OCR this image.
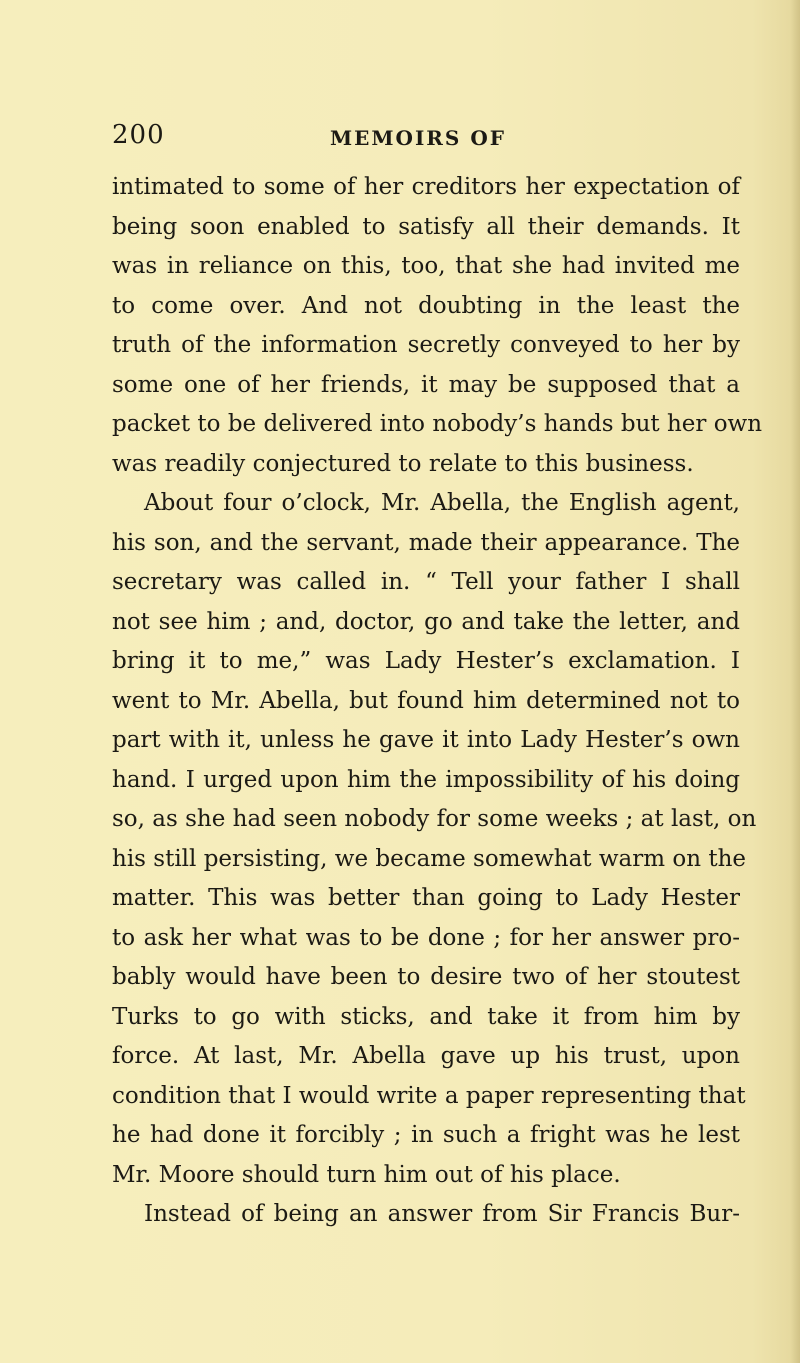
200	MEMOIRS OF
intimated to some of her creditors her expectation of
being soon enabled to satisfy all their demands. It
was in reliance on this, too, that she had invited me
to come over. And not doubting in the least the
truth of the information secretly conveyed to her by
some one of her friends, it may be supposed that a
packet to be delivered into nobody’s hands but her own
was readily conjectured to relate to this business.
About four o’clock, Mr. Abella, the English agent,
his son, and the servant, made their appearance. The
secretary was called in. “ Tell your father I shall
not see him ; and, doctor, go and take the letter, and
bring it to me,” was Lady Hester’s exclamation. I
went to Mr. Abella, but found him determined not to
part with it, unless he gave it into Lady Hester’s own
hand. I urged upon him the impossibility of his doing
so, as she had seen nobody for some weeks ; at last, on
his still persisting, we became somewhat warm on the
matter. This was better than going to Lady Hester
to ask her what was to be done ; for her answer pro-
bably would have been to desire two of her stoutest
Turks to go with sticks, and take it from him by
force. At last, Mr. Abella gave up his trust, upon
condition that I would write a paper representing that
he had done it forcibly ; in such a fright was he lest
Mr. Moore should turn him out of his place.
Instead of being an answer from Sir Francis Bur-
